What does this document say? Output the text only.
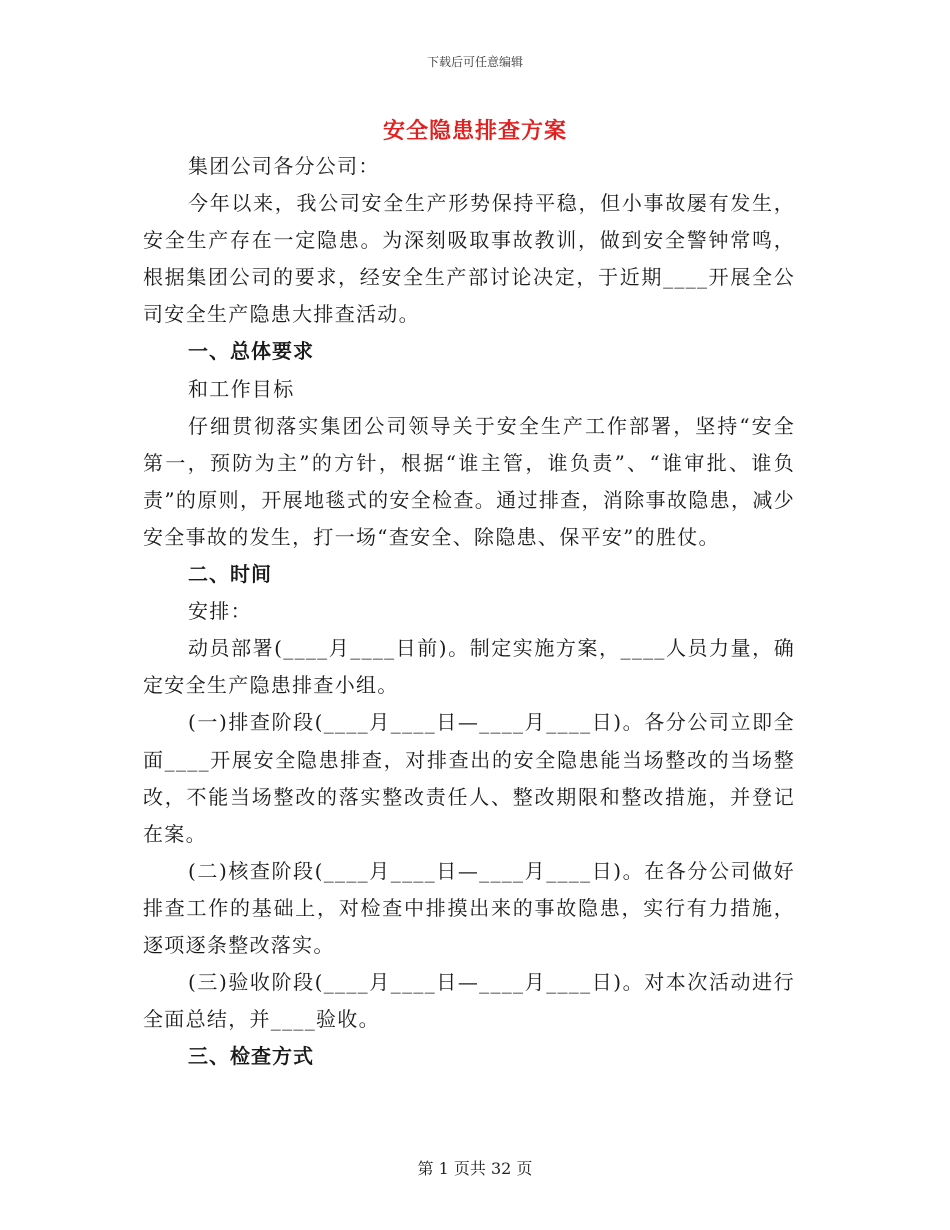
下载后可任意编辑
安全隐患排查方案

集团公司各分公司：

今年以来，我公司安全生产形势保持平稳，但小事故屡有发生，安全生产存在一定隐患。为深刻吸取事故教训，做到安全警钟常鸣，根据集团公司的要求，经安全生产部讨论决定，于近期____开展全公司安全生产隐患大排查活动。

一、总体要求

和工作目标

仔细贯彻落实集团公司领导关于安全生产工作部署，坚持“安全第一，预防为主”的方针，根据“谁主管，谁负责”、“谁审批、谁负责”的原则，开展地毯式的安全检查。通过排查，消除事故隐患，减少安全事故的发生，打一场“查安全、除隐患、保平安”的胜仗。

二、时间

安排：

动员部署(____月____日前)。制定实施方案，____人员力量，确定安全生产隐患排查小组。

(一)排查阶段(____月____日—____月____日)。各分公司立即全面____开展安全隐患排查，对排查出的安全隐患能当场整改的当场整改，不能当场整改的落实整改责任人、整改期限和整改措施，并登记在案。

(二)核查阶段(____月____日—____月____日)。在各分公司做好排查工作的基础上，对检查中排摸出来的事故隐患，实行有力措施，逐项逐条整改落实。

(三)验收阶段(____月____日—____月____日)。对本次活动进行全面总结，并____验收。

三、检查方式

第 1 页共 32 页
